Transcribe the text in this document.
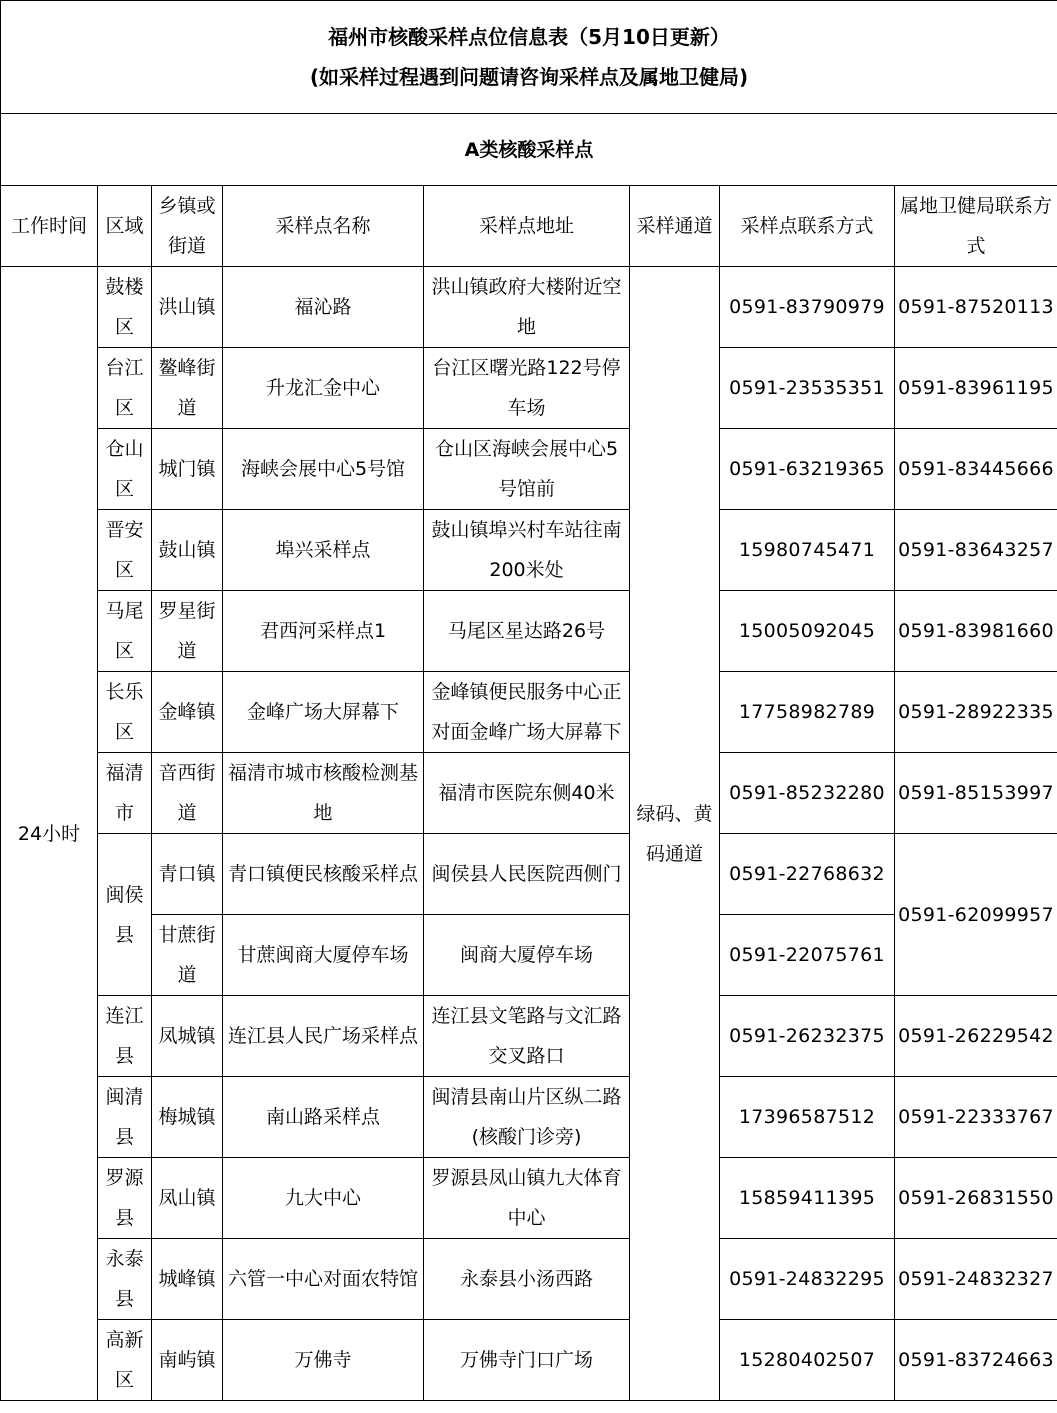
福州市核酸采样点位信息表（5月10日更新）
(如采样过程遇到问题请咨询采样点及属地卫健局)							

A类核酸采样点							
工作时间	区域	乡镇或街道	采样点名称	采样点地址	采样通道	采样点联系方式	属地卫健局联系方式
24小时	鼓楼区	洪山镇	福沁路	洪山镇政府大楼附近空地	绿码、黄码通道	0591-83790979	0591-87520113
	台江区	鳌峰街道	升龙汇金中心	台江区曙光路122号停车场		0591-23535351	0591-83961195
	仓山区	城门镇	海峡会展中心5号馆	仓山区海峡会展中心5号馆前		0591-63219365	0591-83445666
	晋安区	鼓山镇	埠兴采样点	鼓山镇埠兴村车站往南200米处		15980745471	0591-83643257
	马尾区	罗星街道	君西河采样点1	马尾区星达路26号		15005092045	0591-83981660
	长乐区	金峰镇	金峰广场大屏幕下	金峰镇便民服务中心正对面金峰广场大屏幕下		17758982789	0591-28922335
	福清市	音西街道	福清市城市核酸检测基地	福清市医院东侧40米		0591-85232280	0591-85153997
	闽侯县	青口镇	青口镇便民核酸采样点	闽侯县人民医院西侧门		0591-22768632	0591-62099957
		甘蔗街道	甘蔗闽商大厦停车场	闽商大厦停车场		0591-22075761	
	连江县	凤城镇	连江县人民广场采样点	连江县文笔路与文汇路交叉路口		0591-26232375	0591-26229542
	闽清县	梅城镇	南山路采样点	闽清县南山片区纵二路(核酸门诊旁)		17396587512	0591-22333767
	罗源县	凤山镇	九大中心	罗源县凤山镇九大体育中心		15859411395	0591-26831550
	永泰县	城峰镇	六管一中心对面农特馆	永泰县小汤西路		0591-24832295	0591-24832327
	高新区	南屿镇	万佛寺	万佛寺门口广场		15280402507	0591-83724663
